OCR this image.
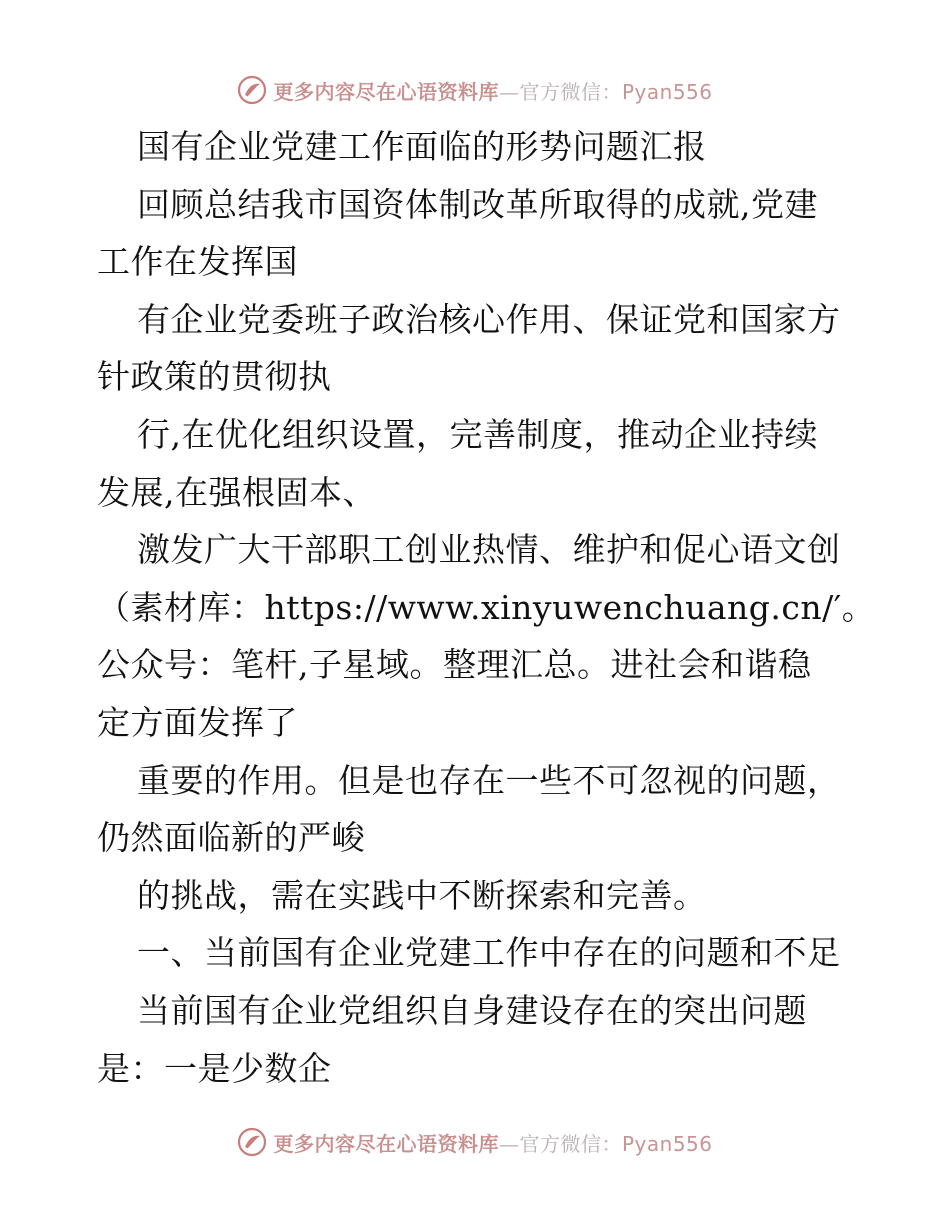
更多内容尽在心语资料库—官方微信：Pyan556
国有企业党建工作面临的形势问题汇报
回顾总结我市国资体制改革所取得的成就,党建
工作在发挥国
有企业党委班子政治核心作用、保证党和国家方
针政策的贯彻执
行,在优化组织设置，完善制度，推动企业持续
发展,在强根固本、
激发广大干部职工创业热情、维护和促心语文创
（素材库：https://www.xinyuwenchuang.cn/′。
公众号：笔杆,子星域。整理汇总。进社会和谐稳
定方面发挥了
重要的作用。但是也存在一些不可忽视的问题，
仍然面临新的严峻
的挑战，需在实践中不断探索和完善。
一、当前国有企业党建工作中存在的问题和不足
当前国有企业党组织自身建设存在的突出问题
是：一是少数企
更多内容尽在心语资料库—官方微信：Pyan556
